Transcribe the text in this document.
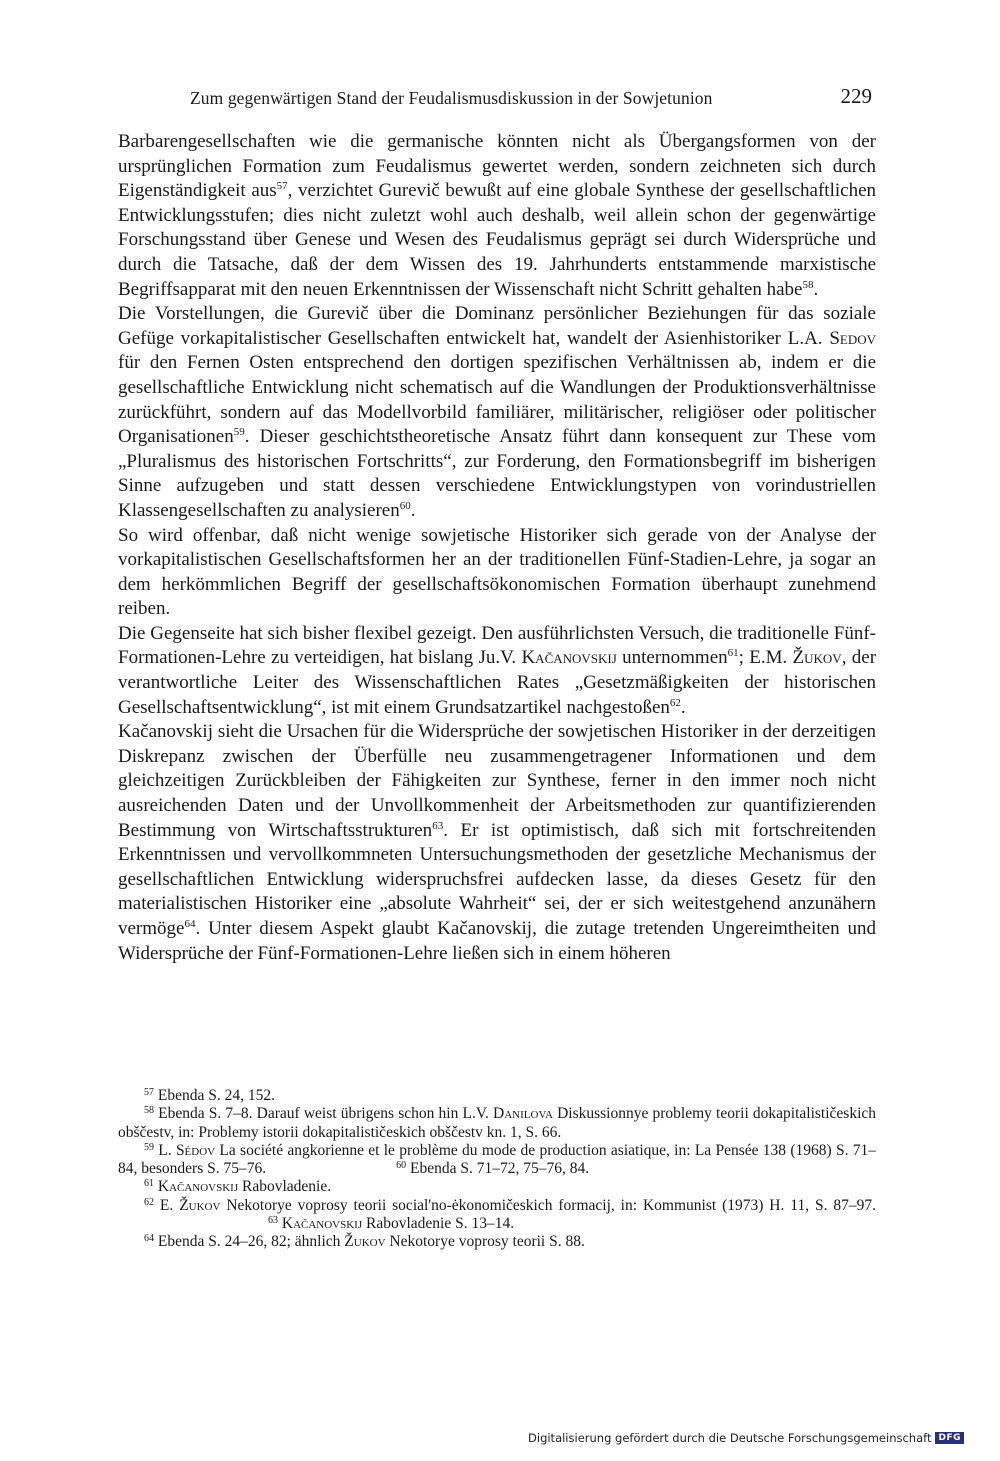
Zum gegenwärtigen Stand der Feudalismusdiskussion in der Sowjetunion	229

Barbarengesellschaften wie die germanische könnten nicht als Übergangsformen von der ursprünglichen Formation zum Feudalismus gewertet werden, sondern zeichneten sich durch Eigenständigkeit aus$^{57}$, verzichtet Gurevič bewußt auf eine globale Synthese der gesellschaftlichen Entwicklungsstufen; dies nicht zuletzt wohl auch deshalb, weil allein schon der gegenwärtige Forschungsstand über Genese und Wesen des Feudalismus geprägt sei durch Widersprüche und durch die Tatsache, daß der dem Wissen des 19. Jahrhunderts entstammende marxistische Begriffsapparat mit den neuen Erkenntnissen der Wissenschaft nicht Schritt gehalten habe$^{58}$.

Die Vorstellungen, die Gurevič über die Dominanz persönlicher Beziehungen für das soziale Gefüge vorkapitalistischer Gesellschaften entwickelt hat, wandelt der Asienhistoriker L.A. Sedov für den Fernen Osten entsprechend den dortigen spezifischen Verhältnissen ab, indem er die gesellschaftliche Entwicklung nicht schematisch auf die Wandlungen der Produktionsverhältnisse zurückführt, sondern auf das Modellvorbild familiärer, militärischer, religiöser oder politischer Organisationen$^{59}$. Dieser geschichtstheoretische Ansatz führt dann konsequent zur These vom „Pluralismus des historischen Fortschritts“, zur Forderung, den Formationsbegriff im bisherigen Sinne aufzugeben und statt dessen verschiedene Entwicklungstypen von vorindustriellen Klassengesellschaften zu analysieren$^{60}$.

So wird offenbar, daß nicht wenige sowjetische Historiker sich gerade von der Analyse der vorkapitalistischen Gesellschaftsformen her an der traditionellen Fünf-Stadien-Lehre, ja sogar an dem herkömmlichen Begriff der gesellschaftsökonomischen Formation überhaupt zunehmend reiben.

Die Gegenseite hat sich bisher flexibel gezeigt. Den ausführlichsten Versuch, die traditionelle Fünf-Formationen-Lehre zu verteidigen, hat bislang Ju.V. Kačanovskij unternommen$^{61}$; E.M. Žukov, der verantwortliche Leiter des Wissenschaftlichen Rates „Gesetzmäßigkeiten der historischen Gesellschaftsentwicklung“, ist mit einem Grundsatzartikel nachgestoßen$^{62}$.

Kačanovskij sieht die Ursachen für die Widersprüche der sowjetischen Historiker in der derzeitigen Diskrepanz zwischen der Überfülle neu zusammengetragener Informationen und dem gleichzeitigen Zurückbleiben der Fähigkeiten zur Synthese, ferner in den immer noch nicht ausreichenden Daten und der Unvollkommenheit der Arbeitsmethoden zur quantifizierenden Bestimmung von Wirtschaftsstrukturen$^{63}$. Er ist optimistisch, daß sich mit fortschreitenden Erkenntnissen und vervollkommneten Untersuchungsmethoden der gesetzliche Mechanismus der gesellschaftlichen Entwicklung widerspruchsfrei aufdecken lasse, da dieses Gesetz für den materialistischen Historiker eine „absolute Wahrheit“ sei, der er sich weitestgehend anzunähern vermöge$^{64}$. Unter diesem Aspekt glaubt Kačanovskij, die zutage tretenden Ungereimtheiten und Widersprüche der Fünf-Formationen-Lehre ließen sich in einem höheren

$^{57}$ Ebenda S. 24, 152.

$^{58}$ Ebenda S. 7–8. Darauf weist übrigens schon hin L.V. Danilova Diskussionnye problemy teorii dokapitalističeskich obščestv, in: Problemy istorii dokapitalističeskich obščestv kn. 1, S. 66.

$^{59}$ L. Sédov La société angkorienne et le problème du mode de production asiatique, in: La Pensée 138 (1968) S. 71–84, besonders S. 75–76.	$^{60}$ Ebenda S. 71–72, 75–76, 84.

$^{61}$ Kačanovskij Rabovladenie.

$^{62}$ E. Žukov Nekotorye voprosy teorii social'no-ėkonomičeskich formacij, in: Kommunist (1973) H. 11, S. 87–97.63 Kačanovskij Rabovladenie S. 13–14.

$^{64}$ Ebenda S. 24–26, 82; ähnlich Žukov Nekotorye voprosy teorii S. 88.

Digitalisierung gefördert durch die Deutsche Forschungsgemeinschaft DFG
